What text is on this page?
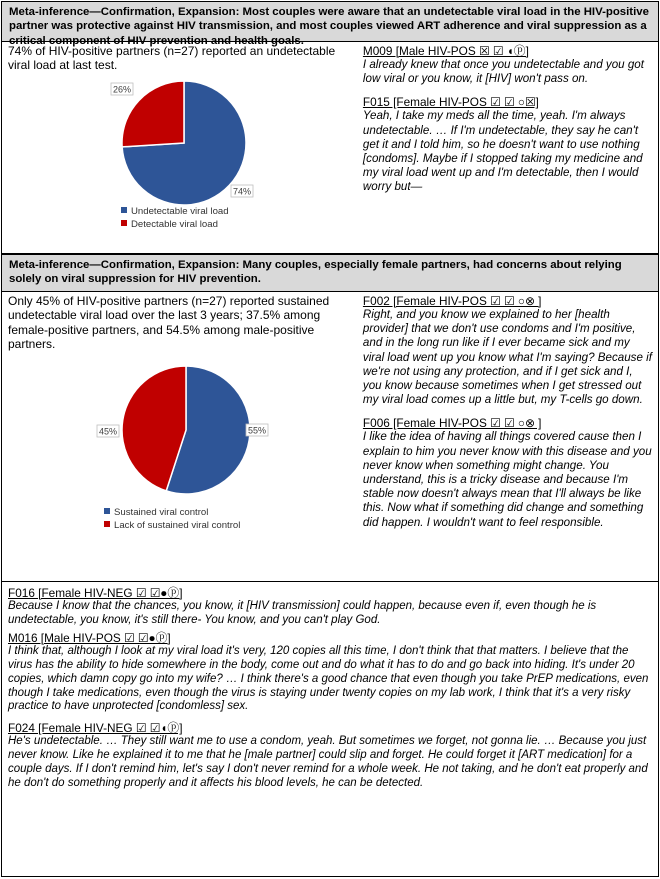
Meta-inference—Confirmation, Expansion: Most couples were aware that an undetectable viral load in the HIV-positive partner was protective against HIV transmission, and most couples viewed ART adherence and viral suppression as a critical component of HIV prevention and health goals.
74% of HIV-positive partners (n=27) reported an undetectable viral load at last test.
74%
26%
Undetectable viral load
Detectable viral load
M009 [Male HIV-POS ☒ ☑ ◖ⓟ]
I already knew that once you undetectable and you got low viral or you know, it [HIV] won't pass on.
F015 [Female HIV-POS ☑ ☑ ○☒]
Yeah, I take my meds all the time, yeah. I'm always undetectable. … If I'm undetectable, they say he can't get it and I told him, so he doesn't want to use nothing [condoms]. Maybe if I stopped taking my medicine and my viral load went up and I'm detectable, then I would worry but—
Meta-inference—Confirmation, Expansion: Many couples, especially female partners, had concerns about relying solely on viral suppression for HIV prevention.
Only 45% of HIV-positive partners (n=27) reported sustained undetectable viral load over the last 3 years; 37.5% among female-positive partners, and 54.5% among male-positive partners.
55%
45%
Sustained viral control
Lack of sustained viral control
F002 [Female HIV-POS ☑ ☑ ○⊗ ]
Right, and you know we explained to her [health provider] that we don't use condoms and I'm positive, and in the long run like if I ever became sick and my viral load went up you know what I'm saying? Because if we're not using any protection, and if I get sick and I, you know because sometimes when I get stressed out my viral load comes up a little but, my T-cells go down.
F006 [Female HIV-POS ☑ ☑ ○⊗ ]
I like the idea of having all things covered cause then I explain to him you never know with this disease and you never know when something might change. You understand, this is a tricky disease and because I'm stable now doesn't always mean that I'll always be like this. Now what if something did change and something did happen. I wouldn't want to feel responsible.
F016 [Female HIV-NEG ☑ ☑●ⓟ]
Because I know that the chances, you know, it [HIV transmission] could happen, because even if, even though he is undetectable, you know, it's still there- You know, and you can't play God.
M016 [Male HIV-POS ☑ ☑●ⓟ]
I think that, although I look at my viral load it's very, 120 copies all this time, I don't think that that matters. I believe that the virus has the ability to hide somewhere in the body, come out and do what it has to do and go back into hiding. It's under 20 copies, which damn copy go into my wife? … I think there's a good chance that even though you take PrEP medications, even though I take medications, even though the virus is staying under twenty copies on my lab work, I think that it's a very risky practice to have unprotected [condomless] sex.
F024 [Female HIV-NEG ☑ ☑◖ⓟ]
He's undetectable. … They still want me to use a condom, yeah. But sometimes we forget, not gonna lie. … Because you just never know. Like he explained it to me that he [male partner] could slip and forget. He could forget it [ART medication] for a couple days. If I don't remind him, let's say I don't never remind for a whole week. He not taking, and he don't eat properly and he don't do something properly and it affects his blood levels, he can be detected.
